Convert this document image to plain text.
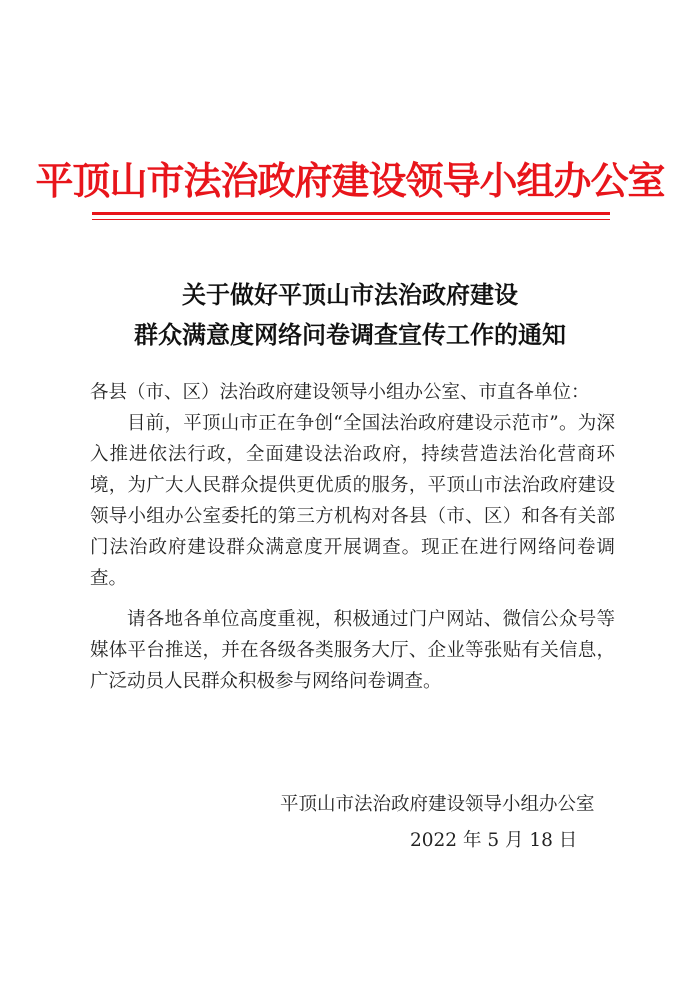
平顶山市法治政府建设领导小组办公室
关于做好平顶山市法治政府建设
群众满意度网络问卷调查宣传工作的通知

各县（市、区）法治政府建设领导小组办公室、市直各单位：

目前，平顶山市正在争创“全国法治政府建设示范市”。为深入推进依法行政，全面建设法治政府，持续营造法治化营商环境，为广大人民群众提供更优质的服务，平顶山市法治政府建设领导小组办公室委托的第三方机构对各县（市、区）和各有关部门法治政府建设群众满意度开展调查。现正在进行网络问卷调查。

请各地各单位高度重视，积极通过门户网站、微信公众号等媒体平台推送，并在各级各类服务大厅、企业等张贴有关信息，广泛动员人民群众积极参与网络问卷调查。

平顶山市法治政府建设领导小组办公室
2022 年 5 月 18 日
